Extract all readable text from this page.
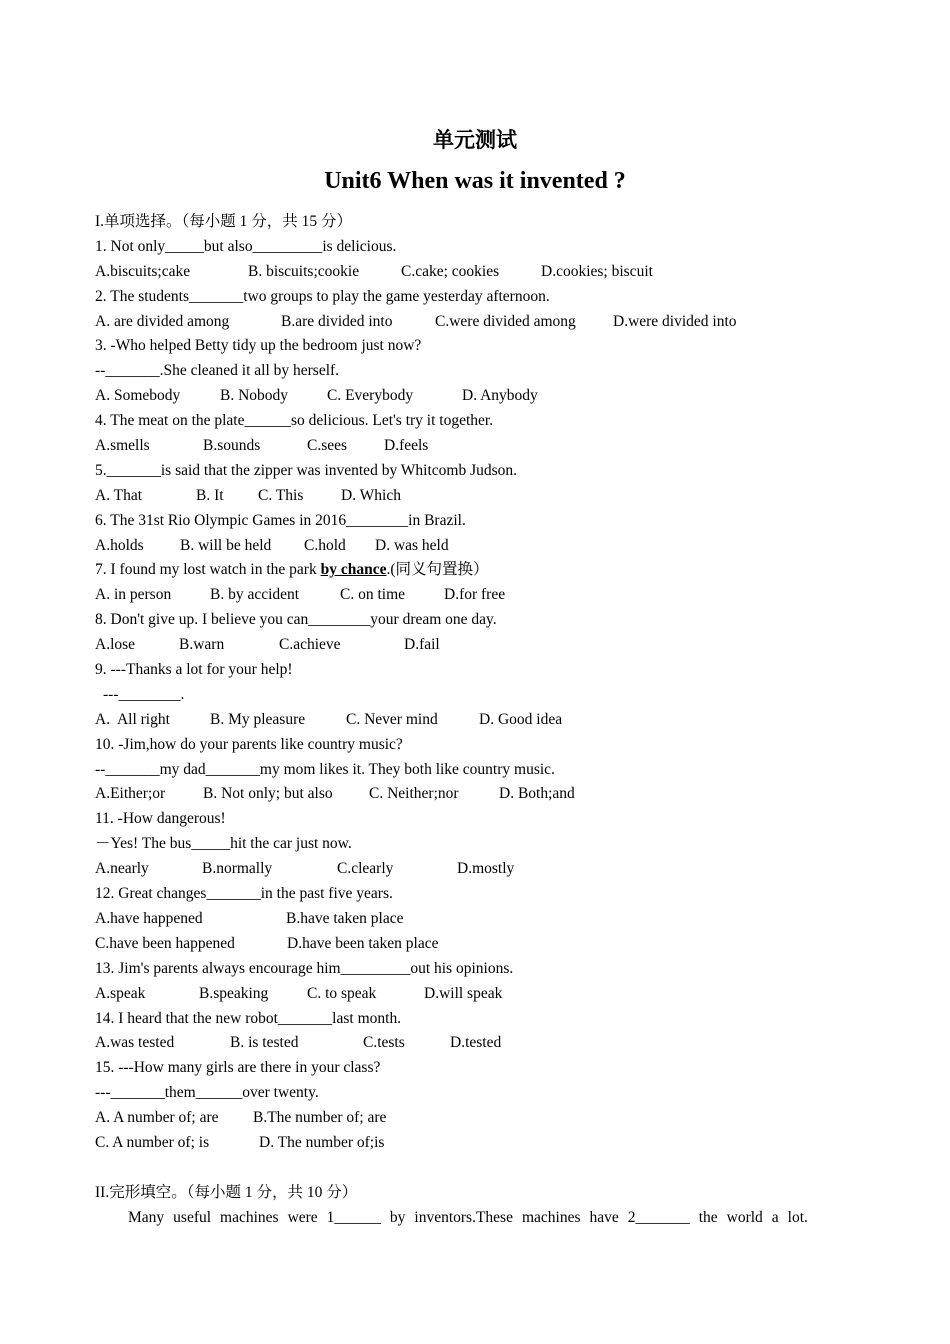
单元测试
Unit6 When was it invented ?
I.单项选择。（每小题 1 分，共 15 分）
1. Not only_____but also_________is delicious.

A.biscuits;cake

	B. biscuits;cookie

	C.cake; cookies

	D.cookies; biscuit

2. The students_______two groups to play the game yesterday afternoon.

A. are divided among

	B.are divided into

	C.were divided among

D.were divided into

3. -Who helped Betty tidy up the bedroom just now?
--_______.She cleaned it all by herself.

A. Somebody

	B. Nobody

	C. Everybody

	D. Anybody

4. The meat on the plate______so delicious. Let's try it together.

A.smells

	B.sounds

	C.sees

D.feels

5._______is said that the zipper was invented by Whitcomb Judson.

A. That

	B. It

C. This

D. Which

6. The 31st Rio Olympic Games in 2016________in Brazil.

A.holds

B. will be held

C.hold

D. was held

7. I found my lost watch in the park by chance.(同义句置换）

A. in person

	B. by accident

	C. on time

	D.for free

8. Don't give up. I believe you can________your dream one day.

A.lose

	B.warn

	C.achieve

	D.fail

9. ---Thanks a lot for your help!
---________.

A.  All right

	B. My pleasure

	C. Never mind

	D. Good idea

10. -Jim,how do your parents like country music?
--_______my dad_______my mom likes it. They both like country music.

A.Either;or

B. Not only; but also

C. Neither;nor

	D. Both;and

11. -How dangerous!
－Yes! The bus_____hit the car just now.

A.nearly

	B.normally

	C.clearly

	D.mostly

12. Great changes_______in the past five years.

A.have happened

	B.have taken place

C.have been happened

	D.have been taken place

13. Jim's parents always encourage him_________out his opinions.

A.speak

	B.speaking

C. to speak

	D.will speak

14. I heard that the new robot_______last month.

A.was tested

	B. is tested

	C.tests

	D.tested

15. ---How many girls are there in your class?
---_______them______over twenty.

A. A number of; are

B.The number of; are

C. A number of; is

	D. The number of;is

II.完形填空。（每小题 1 分，共 10 分）
Many useful machines were 1______ by inventors.These machines have 2_______ the world a lot.
